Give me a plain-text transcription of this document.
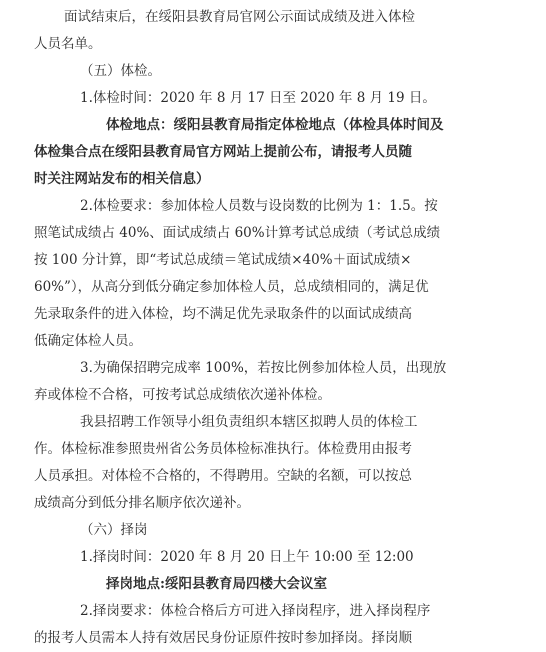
面试结束后，在绥阳县教育局官网公示面试成绩及进入体检
人员名单。
（五）体检。
1.体检时间：2020 年 8 月 17 日至 2020 年 8 月 19 日。
体检地点：绥阳县教育局指定体检地点（体检具体时间及
体检集合点在绥阳县教育局官方网站上提前公布，请报考人员随
时关注网站发布的相关信息）
2.体检要求：参加体检人员数与设岗数的比例为 1：1.5。按
照笔试成绩占 40%、面试成绩占 60%计算考试总成绩（考试总成绩
按 100 分计算，即“考试总成绩＝笔试成绩×40%＋面试成绩×
60%”），从高分到低分确定参加体检人员，总成绩相同的，满足优
先录取条件的进入体检，均不满足优先录取条件的以面试成绩高
低确定体检人员。
3.为确保招聘完成率 100%，若按比例参加体检人员，出现放
弃或体检不合格，可按考试总成绩依次递补体检。
我县招聘工作领导小组负责组织本辖区拟聘人员的体检工
作。体检标准参照贵州省公务员体检标准执行。体检费用由报考
人员承担。对体检不合格的，不得聘用。空缺的名额，可以按总
成绩高分到低分排名顺序依次递补。
（六）择岗
1.择岗时间：2020 年 8 月 20 日上午 10:00 至 12:00
择岗地点:绥阳县教育局四楼大会议室
2.择岗要求：体检合格后方可进入择岗程序，进入择岗程序
的报考人员需本人持有效居民身份证原件按时参加择岗。择岗顺
